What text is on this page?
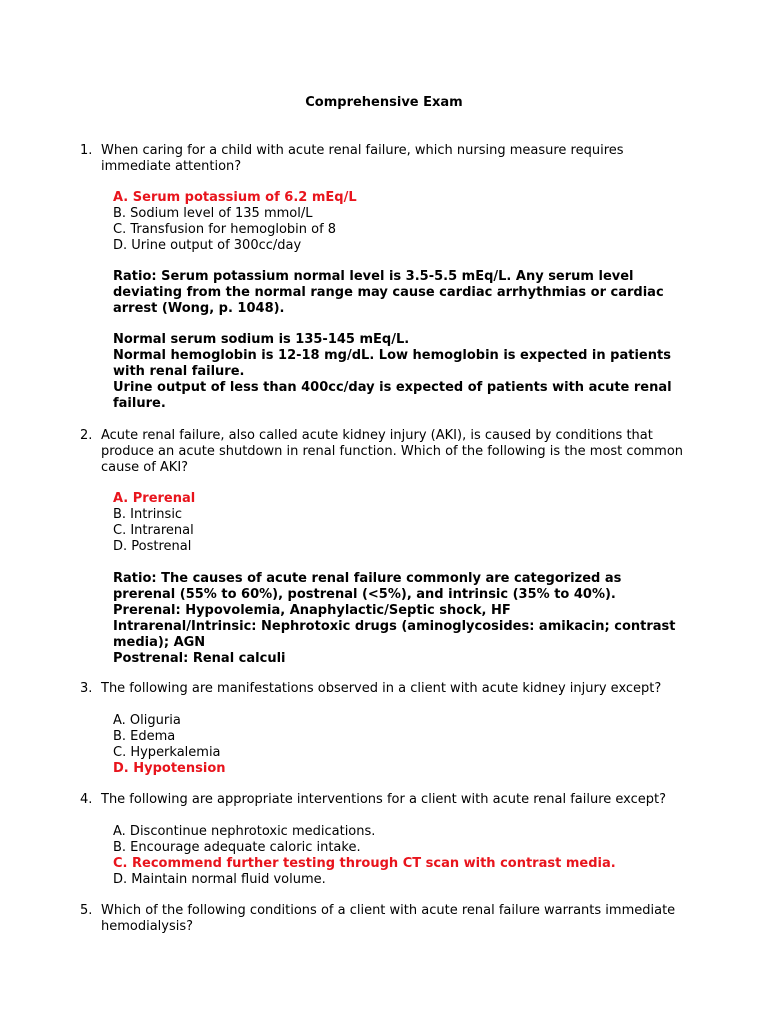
Comprehensive Exam
1. When caring for a child with acute renal failure, which nursing measure requires immediate attention?
A. Serum potassium of 6.2 mEq/L
B. Sodium level of 135 mmol/L
C. Transfusion for hemoglobin of 8
D. Urine output of 300cc/day
Ratio: Serum potassium normal level is 3.5-5.5 mEq/L. Any serum level
deviating from the normal range may cause cardiac arrhythmias or cardiac
arrest (Wong, p. 1048).
Normal serum sodium is 135-145 mEq/L.
Normal hemoglobin is 12-18 mg/dL. Low hemoglobin is expected in patients
with renal failure.
Urine output of less than 400cc/day is expected of patients with acute renal
failure.
2. Acute renal failure, also called acute kidney injury (AKI), is caused by conditions that produce an acute shutdown in renal function. Which of the following is the most common cause of AKI?
A. Prerenal
B. Intrinsic
C. Intrarenal
D. Postrenal
Ratio: The causes of acute renal failure commonly are categorized as
prerenal (55% to 60%), postrenal (<5%), and intrinsic (35% to 40%).
Prerenal: Hypovolemia, Anaphylactic/Septic shock, HF
Intrarenal/Intrinsic: Nephrotoxic drugs (aminoglycosides: amikacin; contrast
media); AGN
Postrenal: Renal calculi
3. The following are manifestations observed in a client with acute kidney injury except?
A. Oliguria
B. Edema
C. Hyperkalemia
D. Hypotension
4. The following are appropriate interventions for a client with acute renal failure except?
A. Discontinue nephrotoxic medications.
B. Encourage adequate caloric intake.
C. Recommend further testing through CT scan with contrast media.
D. Maintain normal fluid volume.
5. Which of the following conditions of a client with acute renal failure warrants immediate hemodialysis?
